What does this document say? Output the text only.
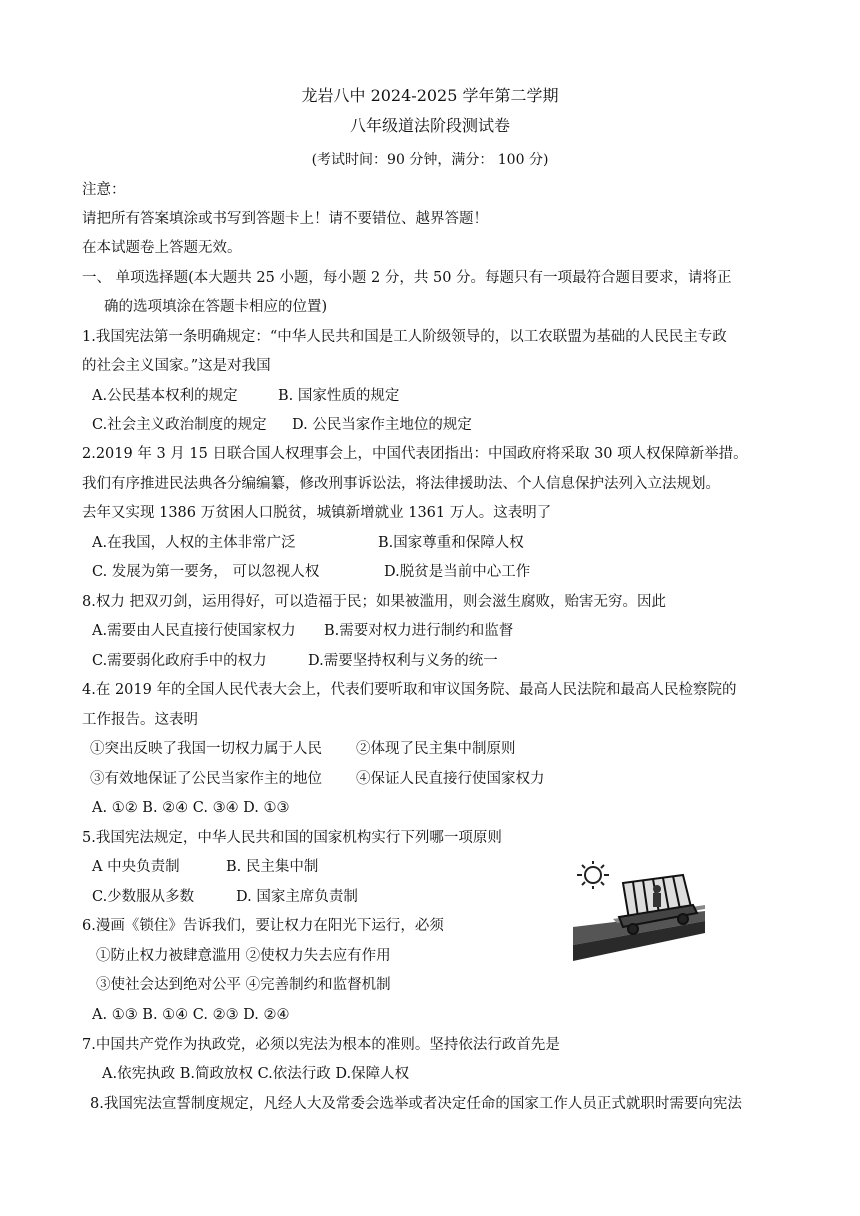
龙岩八中 2024-2025 学年第二学期
八年级道法阶段测试卷
(考试时间：90 分钟，满分： 100 分)
注意：
请把所有答案填涂或书写到答题卡上！请不要错位、越界答题！
在本试题卷上答题无效。
一、 单项选择题(本大题共 25 小题，每小题 2 分，共 50 分。每题只有一项最符合题目要求，请将正
确的选项填涂在答题卡相应的位置)
1.我国宪法第一条明确规定：“中华人民共和国是工人阶级领导的，以工农联盟为基础的人民民主专政
的社会主义国家。”这是对我国
A.公民基本权利的规定	B. 国家性质的规定
C.社会主义政治制度的规定 D. 公民当家作主地位的规定
2.2019 年 3 月 15 日联合国人权理事会上，中国代表团指出：中国政府将采取 30 项人权保障新举措。
我们有序推进民法典各分编编纂，修改刑事诉讼法，将法律援助法、个人信息保护法列入立法规划。
去年又实现 1386 万贫困人口脱贫，城镇新增就业 1361 万人。这表明了
A.在我国，人权的主体非常广泛	B.国家尊重和保障人权
C. 发展为第一要务， 可以忽视人权	D.脱贫是当前中心工作
8.权力 把双刃剑，运用得好，可以造福于民；如果被滥用，则会滋生腐败，贻害无穷。因此
A.需要由人民直接行使国家权力 B.需要对权力进行制约和监督
C.需要弱化政府手中的权力	D.需要坚持权利与义务的统一
4.在 2019 年的全国人民代表大会上，代表们要听取和审议国务院、最高人民法院和最高人民检察院的
工作报告。这表明
①突出反映了我国一切权力属于人民 ②体现了民主集中制原则
③有效地保证了公民当家作主的地位 ④保证人民直接行使国家权力
A. ①② B. ②④ C. ③④ D. ①③
5.我国宪法规定，中华人民共和国的国家机构实行下列哪一项原则
A 中央负责制	B. 民主集中制
C.少数服从多数	D. 国家主席负责制
6.漫画《锁住》告诉我们，要让权力在阳光下运行，必须
①防止权力被肆意滥用 ②使权力失去应有作用
③使社会达到绝对公平 ④完善制约和监督机制
A. ①③ B. ①④ C. ②③ D. ②④
7.中国共产党作为执政党，必须以宪法为根本的准则。坚持依法行政首先是
A.依宪执政 B.简政放权 C.依法行政 D.保障人权
8.我国宪法宣誓制度规定，凡经人大及常委会选举或者决定任命的国家工作人员正式就职时需要向宪法
